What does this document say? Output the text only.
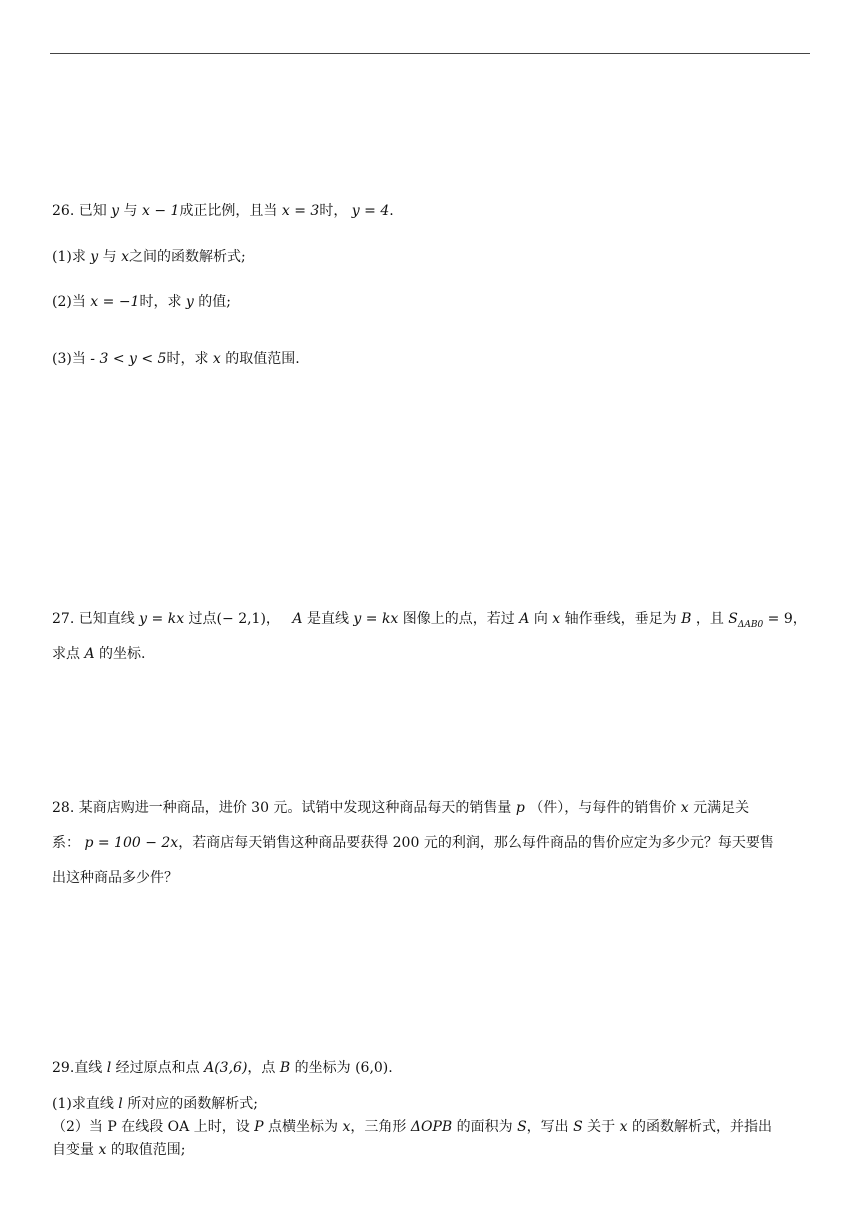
26. 已知 y 与 x − 1成正比例，且当 x = 3时， y = 4.
(1)求 y 与 x之间的函数解析式;
(2)当 x = −1时，求 y 的值;
(3)当 - 3 < y < 5时，求 x 的取值范围.
27. 已知直线 y = kx 过点(− 2,1)， A 是直线 y = kx 图像上的点，若过 A 向 x 轴作垂线，垂足为 B ，且 $S_{\Delta AB0} = 9$，
求点 A 的坐标.
28. 某商店购进一种商品，进价 30 元。试销中发现这种商品每天的销售量 p （件），与每件的销售价 x 元满足关
系： p = 100 − 2x，若商店每天销售这种商品要获得 200 元的利润，那么每件商品的售价应定为多少元？每天要售
出这种商品多少件？
29.直线 l 经过原点和点 A(3,6)，点 B 的坐标为 (6,0).
(1)求直线 l 所对应的函数解析式;
（2）当 P 在线段 OA 上时，设 P 点横坐标为 x，三角形 ΔOPB 的面积为 S，写出 S 关于 x 的函数解析式，并指出
自变量 x 的取值范围;
